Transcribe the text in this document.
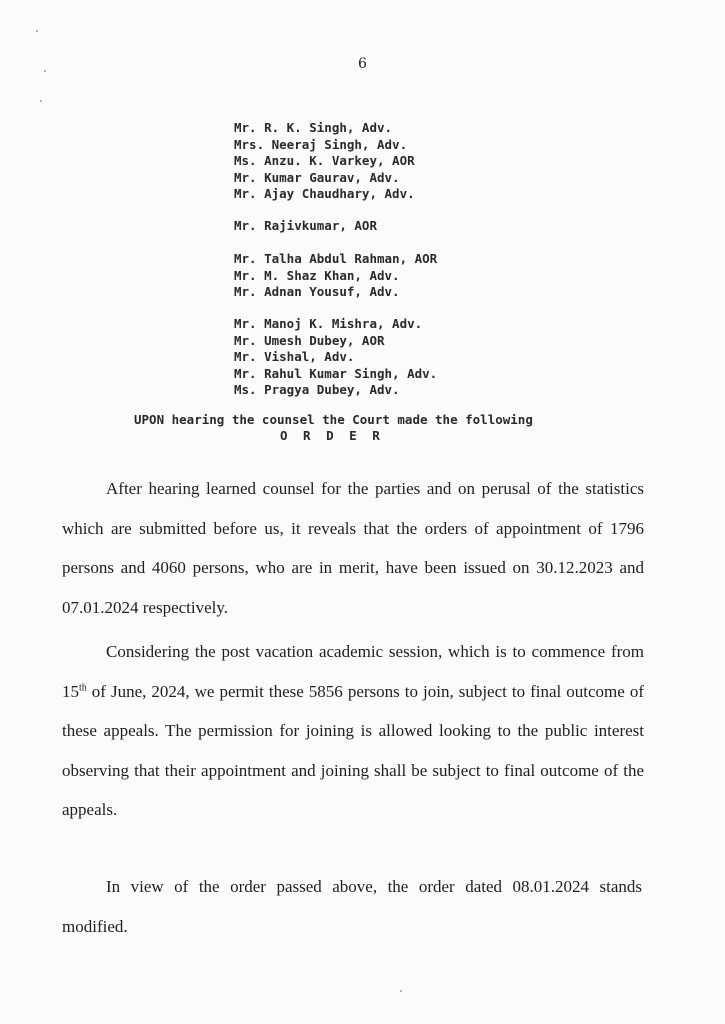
6
Mr. R. K. Singh, Adv.
Mrs. Neeraj Singh, Adv.
Ms. Anzu. K. Varkey, AOR
Mr. Kumar Gaurav, Adv.
Mr. Ajay Chaudhary, Adv.
Mr. Rajivkumar, AOR
Mr. Talha Abdul Rahman, AOR
Mr. M. Shaz Khan, Adv.
Mr. Adnan Yousuf, Adv.
Mr. Manoj K. Mishra, Adv.
Mr. Umesh Dubey, AOR
Mr. Vishal, Adv.
Mr. Rahul Kumar Singh, Adv.
Ms. Pragya Dubey, Adv.
UPON hearing the counsel the Court made the following
O R D E R
After hearing learned counsel for the parties and on perusal of the statistics which are submitted before us, it reveals that the orders of appointment of 1796 persons and 4060 persons, who are in merit, have been issued on 30.12.2023 and 07.01.2024 respectively.
Considering the post vacation academic session, which is to commence from 15th of June, 2024, we permit these 5856 persons to join, subject to final outcome of these appeals. The permission for joining is allowed looking to the public interest observing that their appointment and joining shall be subject to final outcome of the appeals.
In view of the order passed above, the order dated 08.01.2024 stands modified.
